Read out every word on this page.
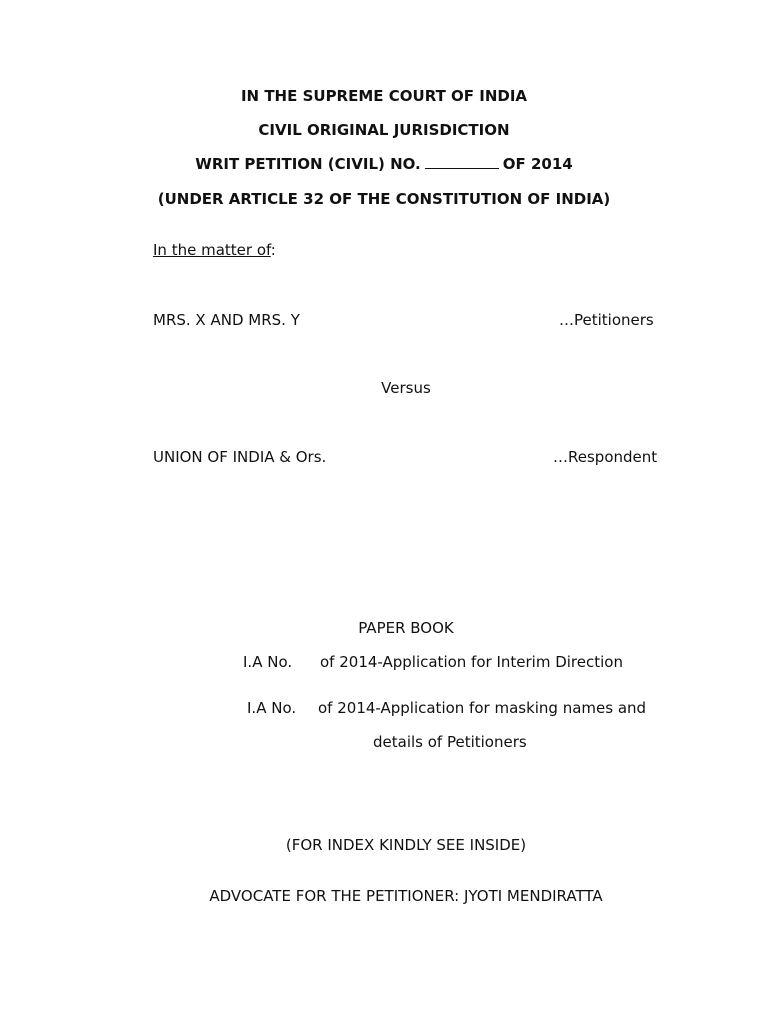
IN THE SUPREME COURT OF INDIA
CIVIL ORIGINAL JURISDICTION
WRIT PETITION (CIVIL) NO.	OF 2014
(UNDER ARTICLE 32 OF THE CONSTITUTION OF INDIA)
In the matter of:
MRS. X AND MRS. Y	…Petitioners
Versus
UNION OF INDIA & Ors.	…Respondent
PAPER BOOK
I.A No. of 2014-Application for Interim Direction
I.A No. of 2014-Application for masking names and
details of Petitioners
(FOR INDEX KINDLY SEE INSIDE)
ADVOCATE FOR THE PETITIONER: JYOTI MENDIRATTA
